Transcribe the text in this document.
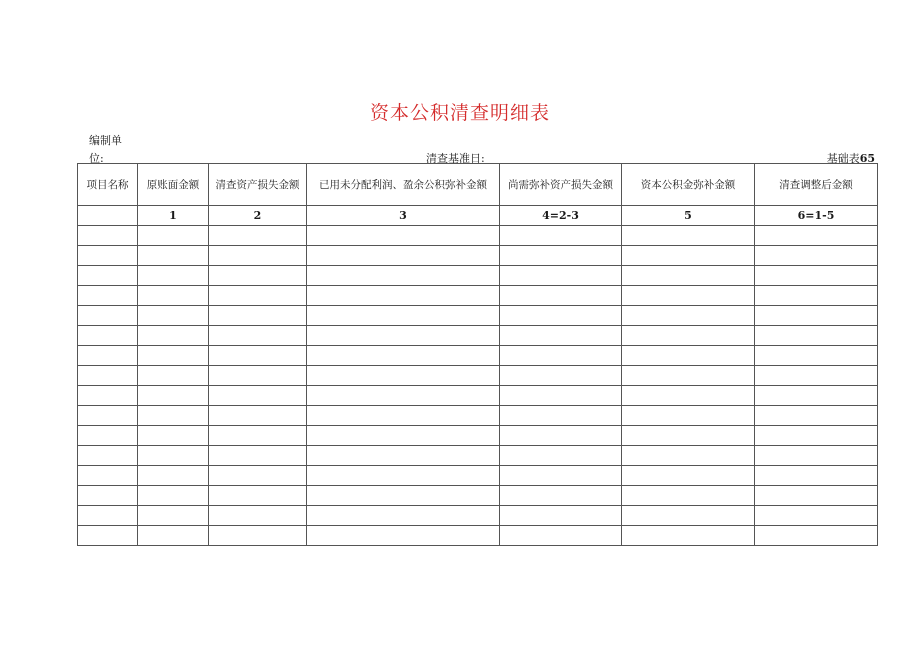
资本公积清查明细表
编制单
位:	清查基准日:	基础表65
项目名称	原账面金额	清查资产损失金额	已用未分配利润、盈余公积弥补金额	尚需弥补资产损失金额	资本公积金弥补金额	清查调整后金额
	1	2	3	4=2-3	5	6=1-5
